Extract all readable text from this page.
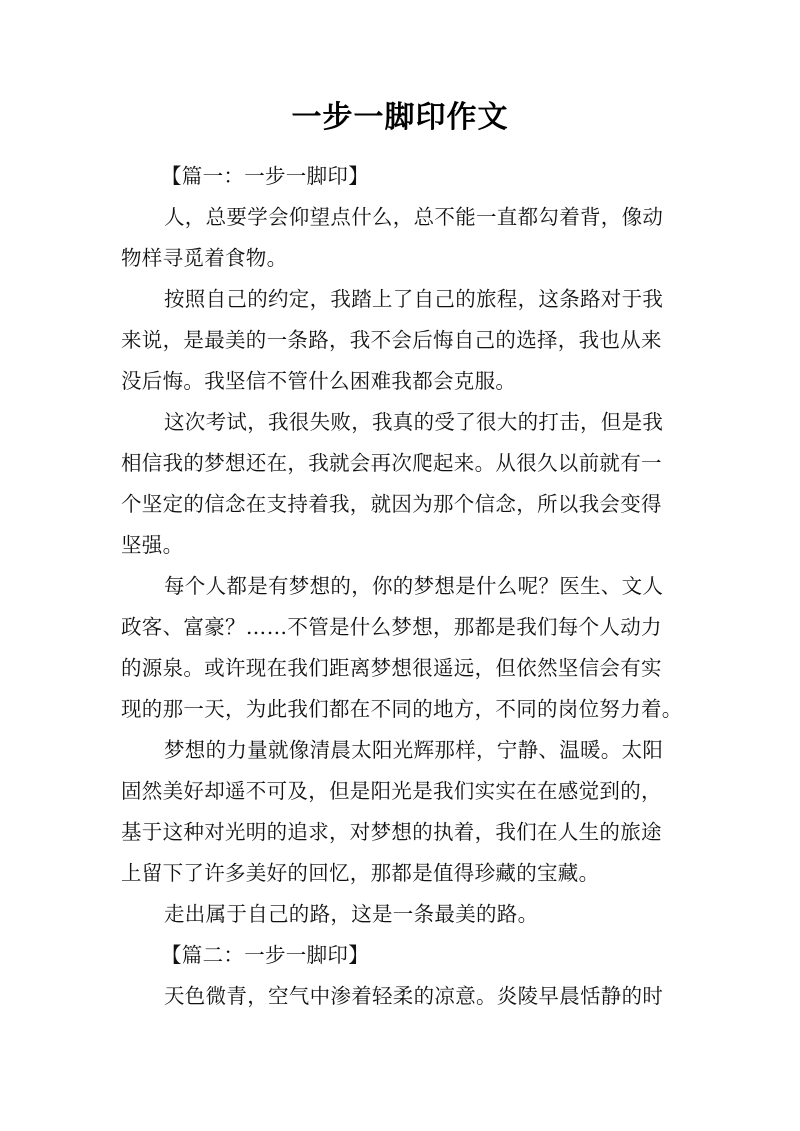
一步一脚印作文
【篇一：一步一脚印】
人，总要学会仰望点什么，总不能一直都勾着背，像动
物样寻觅着食物。
按照自己的约定，我踏上了自己的旅程，这条路对于我
来说，是最美的一条路，我不会后悔自己的选择，我也从来
没后悔。我坚信不管什么困难我都会克服。
这次考试，我很失败，我真的受了很大的打击，但是我
相信我的梦想还在，我就会再次爬起来。从很久以前就有一
个坚定的信念在支持着我，就因为那个信念，所以我会变得
坚强。
每个人都是有梦想的，你的梦想是什么呢？医生、文人
政客、富豪？……不管是什么梦想，那都是我们每个人动力
的源泉。或许现在我们距离梦想很遥远，但依然坚信会有实
现的那一天，为此我们都在不同的地方，不同的岗位努力着。
梦想的力量就像清晨太阳光辉那样，宁静、温暖。太阳
固然美好却遥不可及，但是阳光是我们实实在在感觉到的，
基于这种对光明的追求，对梦想的执着，我们在人生的旅途
上留下了许多美好的回忆，那都是值得珍藏的宝藏。
走出属于自己的路，这是一条最美的路。
【篇二：一步一脚印】
天色微青，空气中渗着轻柔的凉意。炎陵早晨恬静的时
